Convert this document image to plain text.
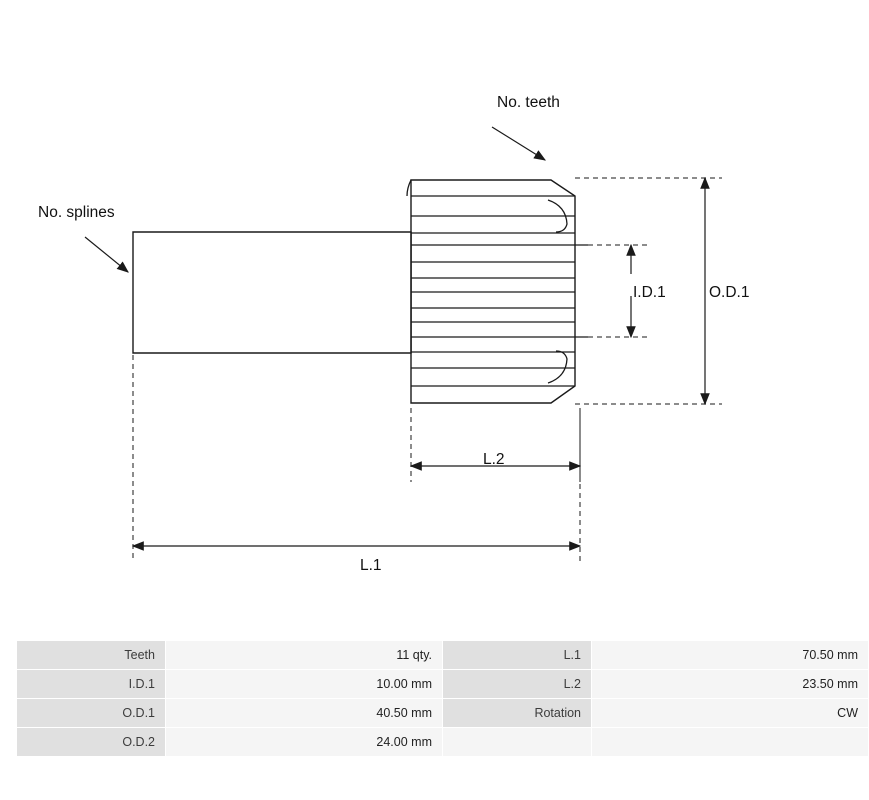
No. teeth
No. splines
I.D.1	O.D.1
L.2
L.1
Teeth	11 qty.	L.1	70.50 mm
I.D.1	10.00 mm	L.2	23.50 mm
O.D.1	40.50 mm	Rotation	CW
O.D.2	24.00 mm		
